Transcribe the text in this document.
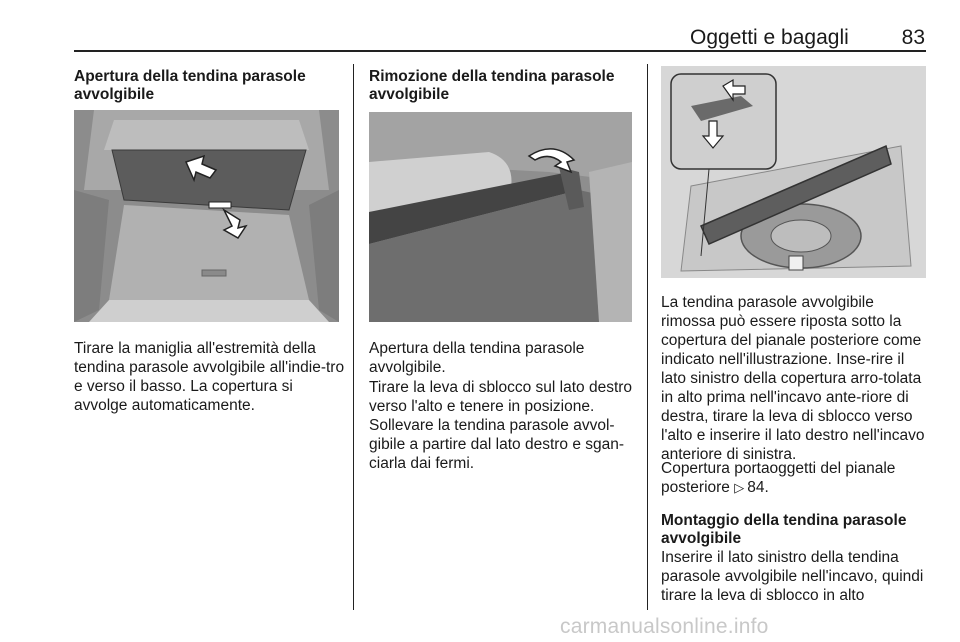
Oggetti e bagagli	83
Apertura della tendina parasole avvolgibile
Tirare la maniglia all'estremità della tendina parasole avvolgibile all'indie-tro e verso il basso. La copertura si avvolge automaticamente.
Rimozione della tendina parasole avvolgibile
Apertura della tendina parasole avvolgibile.
Tirare la leva di sblocco sul lato destro verso l'alto e tenere in posizione. Sollevare la tendina parasole avvol-gibile a partire dal lato destro e sgan-ciarla dai fermi.
La tendina parasole avvolgibile rimossa può essere riposta sotto la copertura del pianale posteriore come indicato nell'illustrazione. Inse-rire il lato sinistro della copertura arro-tolata in alto prima nell'incavo ante-riore di destra, tirare la leva di sblocco verso l'alto e inserire il lato destro nell'incavo anteriore di sinistra.
Copertura portaoggetti del pianale posteriore ▷ 84.
Montaggio della tendina parasole avvolgibile
Inserire il lato sinistro della tendina parasole avvolgibile nell'incavo, quindi tirare la leva di sblocco in alto
carmanualsonline.info
